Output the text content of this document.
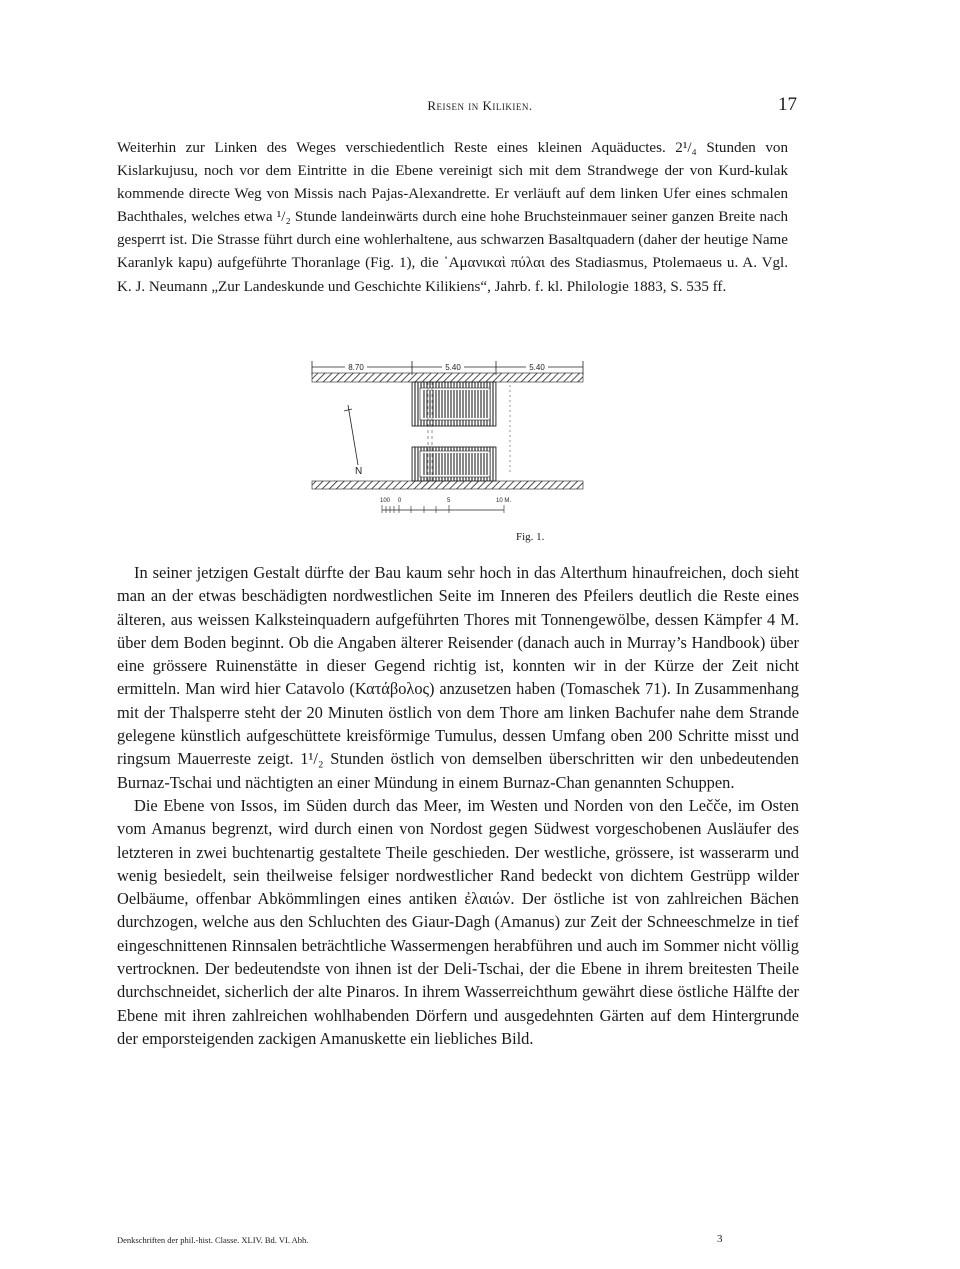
Reisen in Kilikien.	17

Weiterhin zur Linken des Weges verschiedentlich Reste eines kleinen Aquäductes. 2¹/₄ Stunden von Kislarkujusu, noch vor dem Eintritte in die Ebene vereinigt sich mit dem Strandwege der von Kurd-kulak kommende directe Weg von Missis nach Pajas-Alexandrette. Er verläuft auf dem linken Ufer eines schmalen Bachthales, welches etwa ¹/₂ Stunde landeinwärts durch eine hohe Bruchsteinmauer seiner ganzen Breite nach gesperrt ist. Die Strasse führt durch eine wohlerhaltene, aus schwarzen Basaltquadern (daher der heutige Name Karanlyk kapu) aufgeführte Thoranlage (Fig. 1), die ᾿Αμανικαὶ πύλαι des Stadiasmus, Ptolemaeus u. A. Vgl. K. J. Neumann „Zur Landeskunde und Geschichte Kilikiens“, Jahrb. f. kl. Philologie 1883, S. 535 ff.

8.70	5.40	5.40
N
100 0	5	10 M.
Fig. 1.

In seiner jetzigen Gestalt dürfte der Bau kaum sehr hoch in das Alterthum hinaufreichen, doch sieht man an der etwas beschädigten nordwestlichen Seite im Inneren des Pfeilers deutlich die Reste eines älteren, aus weissen Kalksteinquadern aufgeführten Thores mit Tonnengewölbe, dessen Kämpfer 4 M. über dem Boden beginnt. Ob die Angaben älterer Reisender (danach auch in Murray’s Handbook) über eine grössere Ruinenstätte in dieser Gegend richtig ist, konnten wir in der Kürze der Zeit nicht ermitteln. Man wird hier Catavolo (Κατάβολος) anzusetzen haben (Tomaschek 71). In Zusammenhang mit der Thalsperre steht der 20 Minuten östlich von dem Thore am linken Bachufer nahe dem Strande gelegene künstlich aufgeschüttete kreisförmige Tumulus, dessen Umfang oben 200 Schritte misst und ringsum Mauerreste zeigt. 1¹/₂ Stunden östlich von demselben überschritten wir den unbedeutenden Burnaz-Tschai und nächtigten an einer Mündung in einem Burnaz-Chan genannten Schuppen.

Die Ebene von Issos, im Süden durch das Meer, im Westen und Norden von den Lečče, im Osten vom Amanus begrenzt, wird durch einen von Nordost gegen Südwest vorgeschobenen Ausläufer des letzteren in zwei buchtenartig gestaltete Theile geschieden. Der westliche, grössere, ist wasserarm und wenig besiedelt, sein theilweise felsiger nordwestlicher Rand bedeckt von dichtem Gestrüpp wilder Oelbäume, offenbar Abkömmlingen eines antiken ἐλαιών. Der östliche ist von zahlreichen Bächen durchzogen, welche aus den Schluchten des Giaur-Dagh (Amanus) zur Zeit der Schneeschmelze in tief eingeschnittenen Rinnsalen beträchtliche Wassermengen herabführen und auch im Sommer nicht völlig vertrocknen. Der bedeutendste von ihnen ist der Deli-Tschai, der die Ebene in ihrem breitesten Theile durchschneidet, sicherlich der alte Pinaros. In ihrem Wasserreichthum gewährt diese östliche Hälfte der Ebene mit ihren zahlreichen wohlhabenden Dörfern und ausgedehnten Gärten auf dem Hintergrunde der emporsteigenden zackigen Amanuskette ein liebliches Bild.

Denkschriften der phil.-hist. Classe. XLIV. Bd. VI. Abh.	3
